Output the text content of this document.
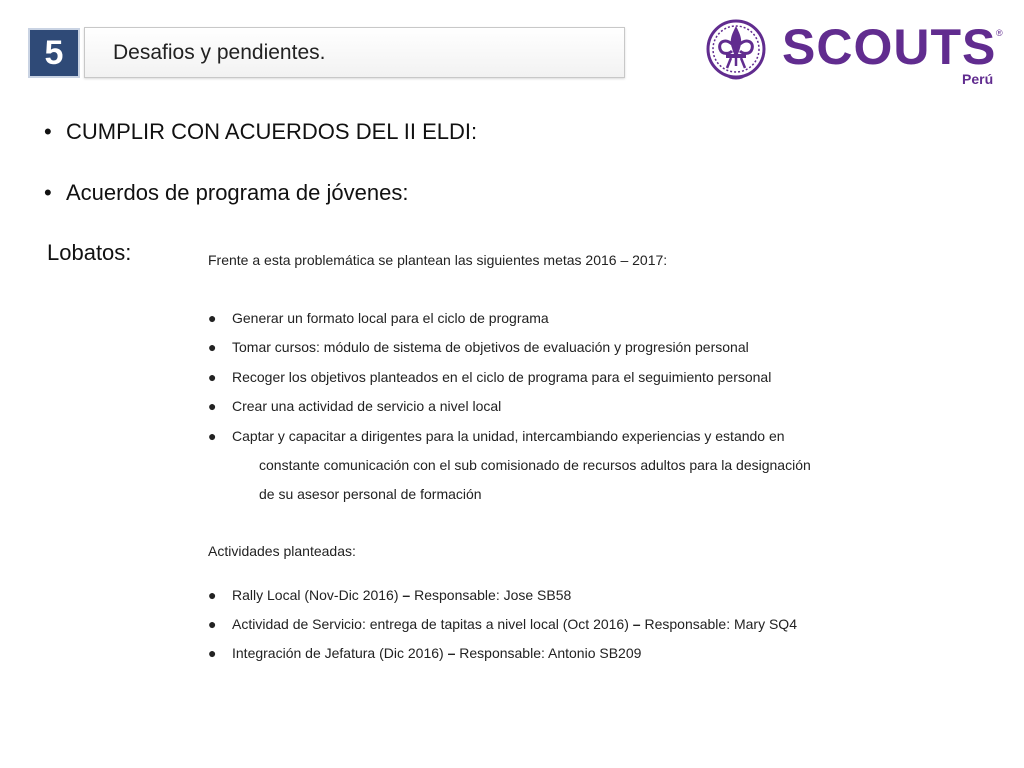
5 Desafios y pendientes.	SCOUTS ®
Perú
• CUMPLIR CON ACUERDOS DEL II ELDI:
• Acuerdos de programa de jóvenes:
Lobatos:	Frente a esta problemática se plantean las siguientes metas 2016 – 2017:
● Generar un formato local para el ciclo de programa
● Tomar cursos: módulo de sistema de objetivos de evaluación y progresión personal
● Recoger los objetivos planteados en el ciclo de programa para el seguimiento personal
● Crear una actividad de servicio a nivel local
● Captar y capacitar a dirigentes para la unidad, intercambiando experiencias y estando en
constante comunicación con el sub comisionado de recursos adultos para la designación
de su asesor personal de formación
Actividades planteadas:
● Rally Local (Nov-Dic 2016) – Responsable: Jose SB58
● Actividad de Servicio: entrega de tapitas a nivel local (Oct 2016) – Responsable: Mary SQ4
● Integración de Jefatura (Dic 2016) – Responsable: Antonio SB209
